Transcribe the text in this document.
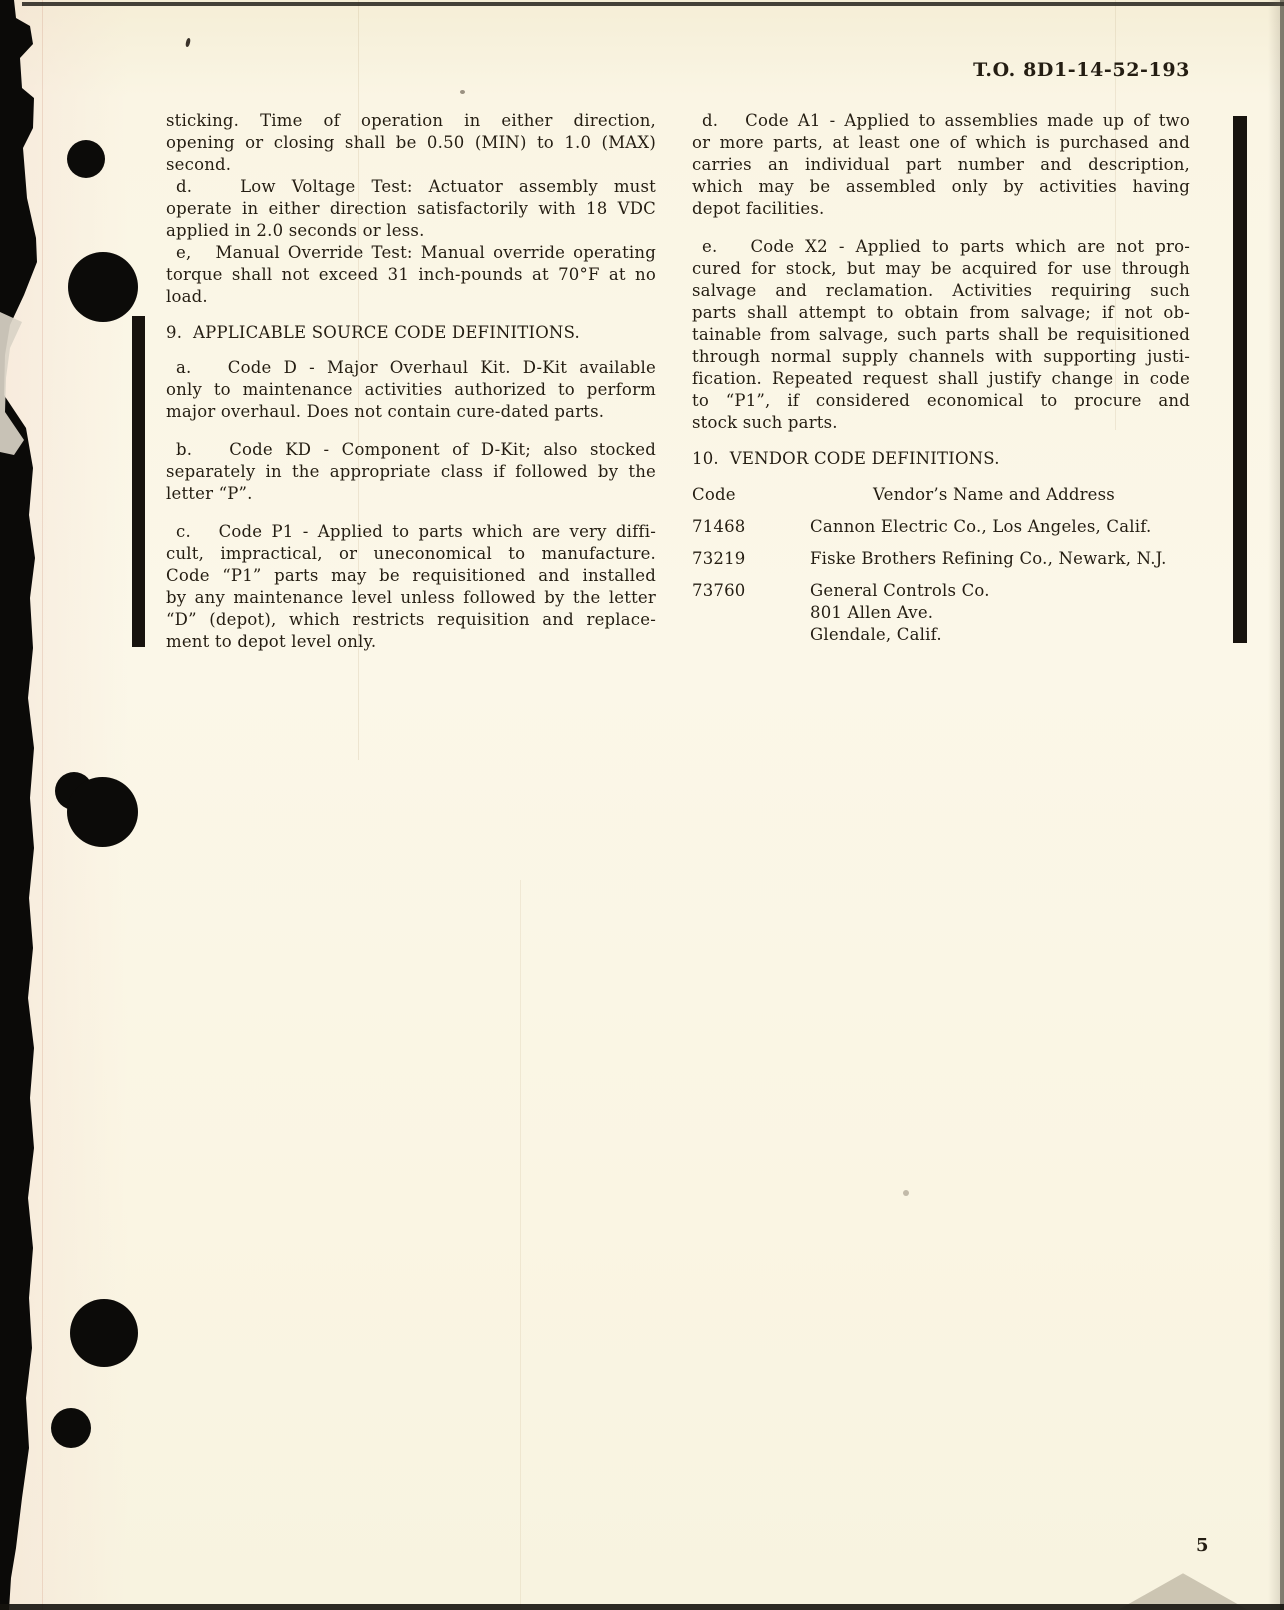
T.O. 8D1-14-52-193
sticking. Time of operation in either direction,
opening or closing shall be 0.50 (MIN) to 1.0 (MAX)
second.
d.   Low Voltage Test: Actuator assembly must
operate in either direction satisfactorily with 18 VDC
applied in 2.0 seconds or less.
e,   Manual Override Test: Manual override operating
torque shall not exceed 31 inch-pounds at 70°F at no
load.
9.  APPLICABLE SOURCE CODE DEFINITIONS.
a.   Code D - Major Overhaul Kit. D-Kit available
only to maintenance activities authorized to perform
major overhaul. Does not contain cure-dated parts.
b.   Code KD - Component of D-Kit; also stocked
separately in the appropriate class if followed by the
letter “P”.
c.   Code P1 - Applied to parts which are very diffi-
cult, impractical, or uneconomical to manufacture.
Code “P1” parts may be requisitioned and installed
by any maintenance level unless followed by the letter
“D” (depot), which restricts requisition and replace-
ment to depot level only.
d.   Code A1 - Applied to assemblies made up of two
or more parts, at least one of which is purchased and
carries an individual part number and description,
which may be assembled only by activities having
depot facilities.
e.   Code X2 - Applied to parts which are not pro-
cured for stock, but may be acquired for use through
salvage and reclamation. Activities requiring such
parts shall attempt to obtain from salvage; if not ob-
tainable from salvage, such parts shall be requisitioned
through normal supply channels with supporting justi-
fication. Repeated request shall justify change in code
to “P1”, if considered economical to procure and
stock such parts.
10.  VENDOR CODE DEFINITIONS.
Code	Vendor’s Name and Address
71468	Cannon Electric Co., Los Angeles, Calif.
73219	Fiske Brothers Refining Co., Newark, N.J.
73760	General Controls Co.
801 Allen Ave.
Glendale, Calif.
5
